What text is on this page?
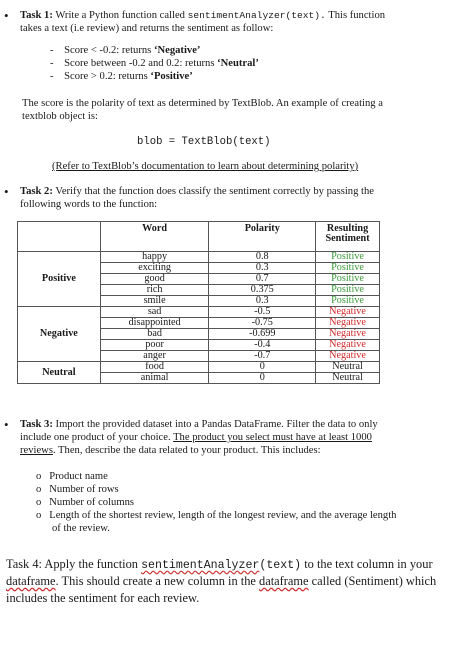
• Task 1: Write a Python function called sentimentAnalyzer(text). This function
takes a text (i.e review) and returns the sentiment as follow:
- Score < -0.2: returns ‘Negative’
- Score between -0.2 and 0.2: returns ‘Neutral’
- Score > 0.2: returns ‘Positive’
The score is the polarity of text as determined by TextBlob. An example of creating a
textblob object is:
blob = TextBlob(text)
(Refer to TextBlob’s documentation to learn about determining polarity)
• Task 2: Verify that the function does classify the sentiment correctly by passing the
following words to the function:
	Word	Polarity	Resulting
Sentiment
Positive	happy	0.8	Positive
	exciting	0.3	Positive
	good	0.7	Positive
	rich	0.375	Positive
	smile	0.3	Positive
Negative	sad	-0.5	Negative
	disappointed	-0.75	Negative
	bad	-0.699	Negative
	poor	-0.4	Negative
	anger	-0.7	Negative
Neutral	food	0	Neutral
	animal	0	Neutral
• Task 3: Import the provided dataset into a Pandas DataFrame. Filter the data to only
include one product of your choice. The product you select must have at least 1000
reviews. Then, describe the data related to your product. This includes:
o Product name
o Number of rows
o Number of columns
o Length of the shortest review, length of the longest review, and the average length
of the review.
Task 4: Apply the function sentimentAnalyzer(text) to the text column in your
dataframe. This should create a new column in the dataframe called (Sentiment) which
includes the sentiment for each review.
